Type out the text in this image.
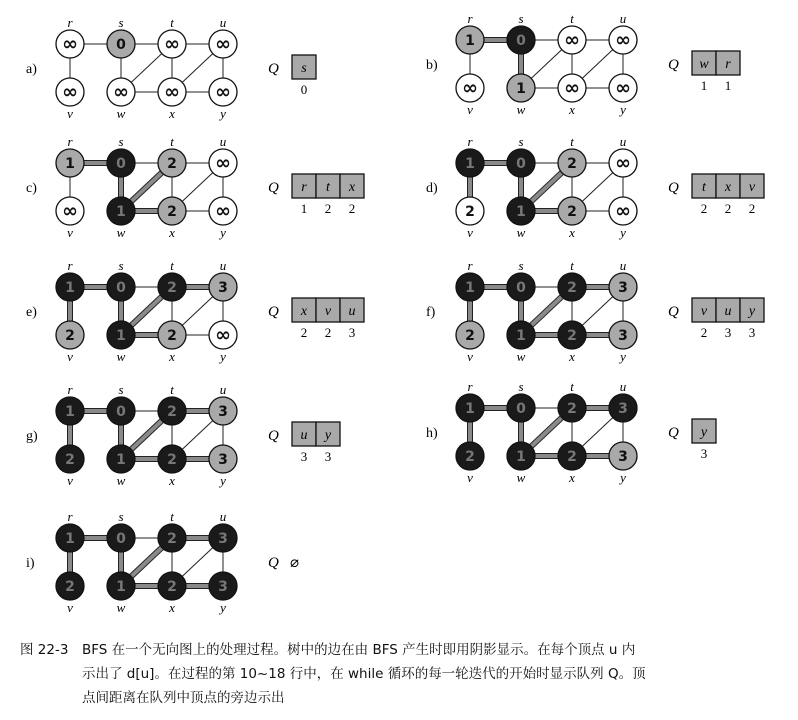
a)
∞
r
0
s
∞
t
∞
u
∞
v
∞
w
∞
x
∞
y
Q s
0
b)
1
r
0
s
∞
t
∞
u
∞
v
1
w
∞
x
∞
y
Q w
1
r
1
c)
1
r
0
s
2
t
∞
u
∞
v
1
w
2
x
∞
y
Q r
1
t
2
x
2
d)
1
r
0
s
2
t
∞
u
2
v
1
w
2
x
∞
y
Q t
2
x
2
v
2
e)
1
r
0
s
2
t
3
u
2
v
1
w
2
x
∞
y
Q x
2
v
2
u
3
f)
1
r
0
s
2
t
3
u
2
v
1
w
2
x
3
y
Q v
2
u
3
y
3
g)
1
r
0
s
2
t
3
u
2
v
1
w
2
x
3
y
Q u
3
y
3
h)
1
r
0
s
2
t
3
u
2
v
1
w
2
x
3
y
Q y
3
i)
1
r
0
s
2
t
3
u
2
v
1
w
2
x
3
y
Q ⌀
图 22-3 BFS 在一个无向图上的处理过程。树中的边在由 BFS 产生时即用阴影显示。在每个顶点 u 内
示出了 d[u]。在过程的第 10~18 行中，在 while 循环的每一轮迭代的开始时显示队列 Q。顶
点间距离在队列中顶点的旁边示出
